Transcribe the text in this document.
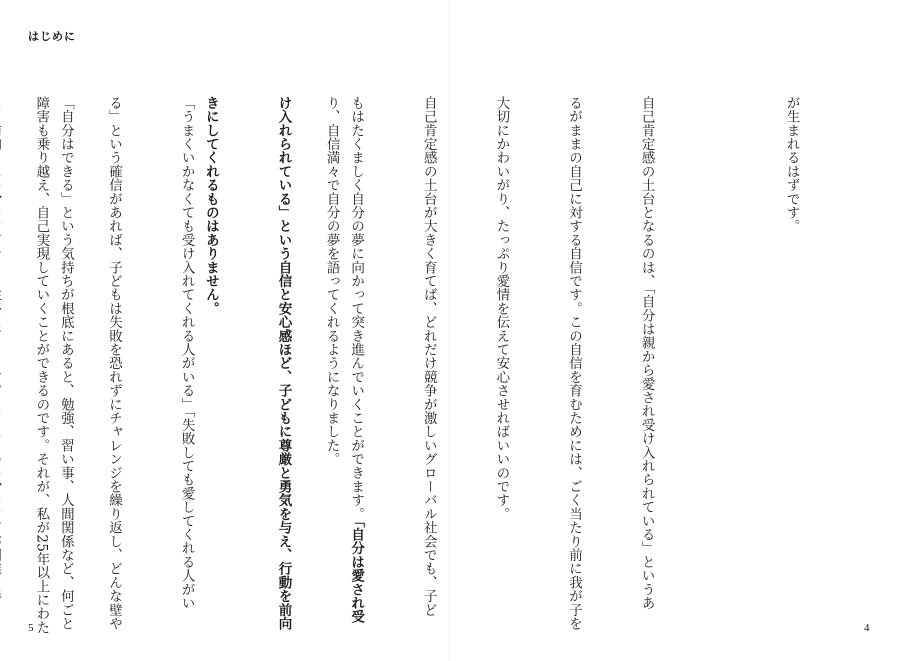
はじめに

が生まれるはずです。

自己肯定感の土台となるのは、「自分は親から愛され受け入れられている」というあ

るがままの自己に対する自信です。この自信を育むためには、ごく当たり前に我が子を

大切にかわいがり、たっぷり愛情を伝えて安心させればいいのです。

自己肯定感の土台が大きく育てば、どれだけ競争が激しいグローバル社会でも、子ど

もはたくましく自分の夢に向かって突き進んでいくことができます。「自分は愛され受

け入れられている」という自信と安心感ほど、子どもに尊厳と勇気を与え、行動を前向

きにしてくれるものはありません。

「自分はできる」という気持ちが根底にあると、勉強、習い事、人間関係など、何ごと

	り、自信満々で自分の夢を語ってくれるようになりました。

「うまくいかなくても受け入れてくれる人がいる」「失敗しても愛してくれる人がい

る」という確信があれば、子どもは失敗を恐れずにチャレンジを繰り返し、どんな壁や

障害も乗り越え、自己実現していくことができるのです。それが、私が25年以上にわた

5	4
